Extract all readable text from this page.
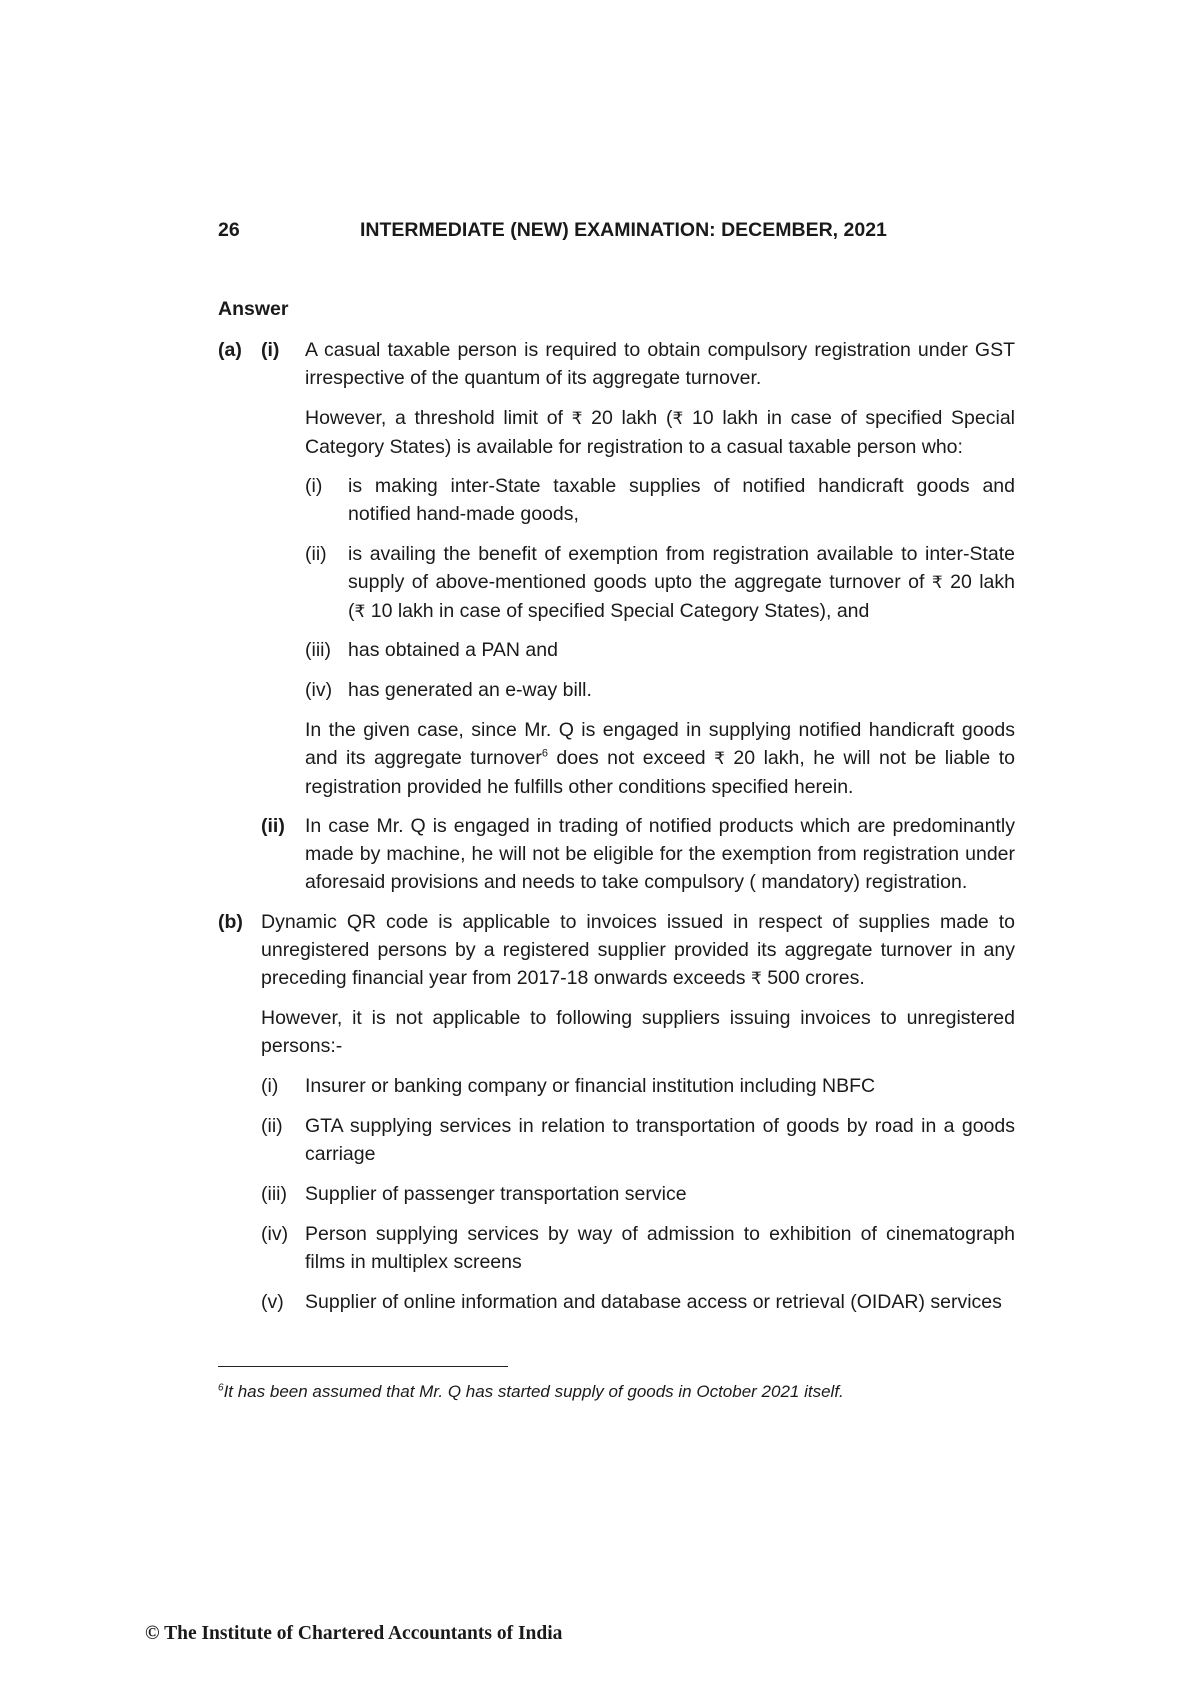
26	INTERMEDIATE (NEW) EXAMINATION: DECEMBER, 2021
Answer
(a) (i) A casual taxable person is required to obtain compulsory registration under GST irrespective of the quantum of its aggregate turnover.
However, a threshold limit of ₹ 20 lakh (₹ 10 lakh in case of specified Special Category States) is available for registration to a casual taxable person who:
(i) is making inter-State taxable supplies of notified handicraft goods and notified hand-made goods,
(ii) is availing the benefit of exemption from registration available to inter-State supply of above-mentioned goods upto the aggregate turnover of ₹ 20 lakh (₹ 10 lakh in case of specified Special Category States), and
(iii) has obtained a PAN and
(iv) has generated an e-way bill.
In the given case, since Mr. Q is engaged in supplying notified handicraft goods and its aggregate turnover$^6$ does not exceed ₹ 20 lakh, he will not be liable to registration provided he fulfills other conditions specified herein.
(ii) In case Mr. Q is engaged in trading of notified products which are predominantly made by machine, he will not be eligible for the exemption from registration under aforesaid provisions and needs to take compulsory ( mandatory) registration.
(b) Dynamic QR code is applicable to invoices issued in respect of supplies made to unregistered persons by a registered supplier provided its aggregate turnover in any preceding financial year from 2017-18 onwards exceeds ₹ 500 crores.
However, it is not applicable to following suppliers issuing invoices to unregistered persons:-
(i) Insurer or banking company or financial institution including NBFC
(ii) GTA supplying services in relation to transportation of goods by road in a goods carriage
(iii) Supplier of passenger transportation service
(iv) Person supplying services by way of admission to exhibition of cinematograph films in multiplex screens
(v) Supplier of online information and database access or retrieval (OIDAR) services
$^6$It has been assumed that Mr. Q has started supply of goods in October 2021 itself.
© The Institute of Chartered Accountants of India
